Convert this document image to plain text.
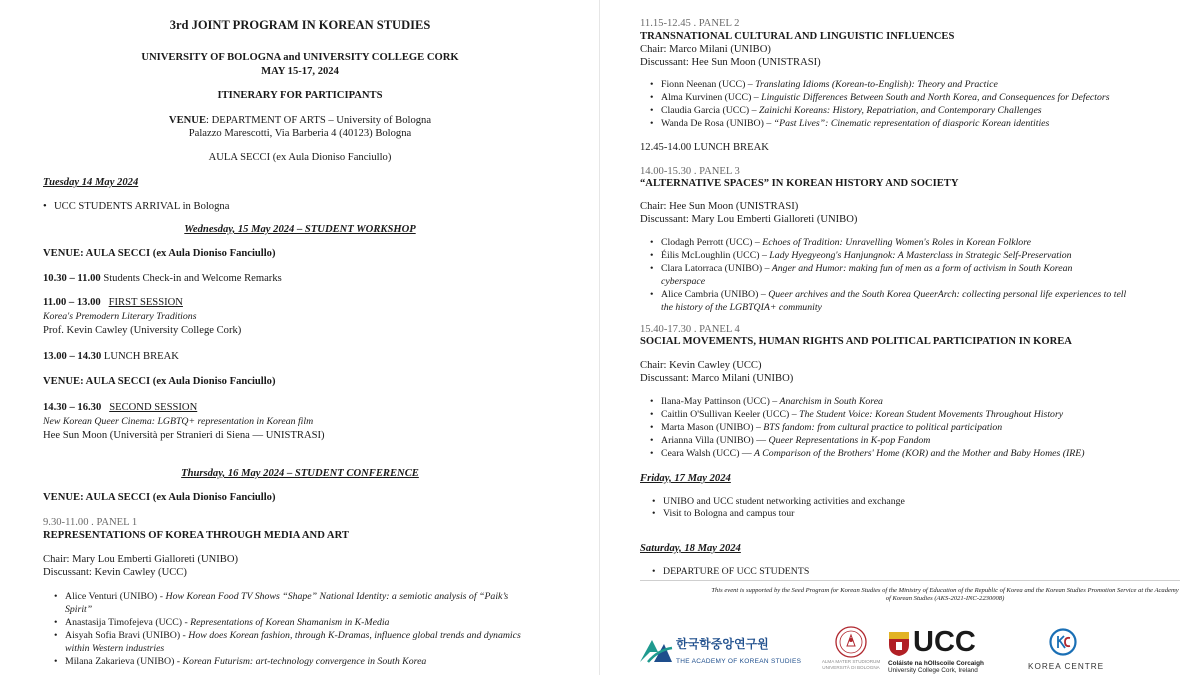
3rd JOINT PROGRAM IN KOREAN STUDIES
UNIVERSITY OF BOLOGNA and UNIVERSITY COLLEGE CORK
MAY 15-17, 2024
ITINERARY FOR PARTICIPANTS
VENUE: DEPARTMENT OF ARTS – University of Bologna
Palazzo Marescotti, Via Barberia 4 (40123) Bologna
AULA SECCI (ex Aula Dioniso Fanciullo)
Tuesday 14 May 2024
• UCC STUDENTS ARRIVAL in Bologna
Wednesday, 15 May 2024 – STUDENT WORKSHOP
VENUE: AULA SECCI (ex Aula Dioniso Fanciullo)
10.30 – 11.00 Students Check-in and Welcome Remarks
11.00 – 13.00 FIRST SESSION
Korea's Premodern Literary Traditions
Prof. Kevin Cawley (University College Cork)
13.00 – 14.30 LUNCH BREAK
VENUE: AULA SECCI (ex Aula Dioniso Fanciullo)
14.30 – 16.30 SECOND SESSION
New Korean Queer Cinema: LGBTQ+ representation in Korean film
Hee Sun Moon (Università per Stranieri di Siena — UNISTRASI)
Thursday, 16 May 2024 – STUDENT CONFERENCE
VENUE: AULA SECCI (ex Aula Dioniso Fanciullo)
9.30-11.00 . PANEL 1
REPRESENTATIONS OF KOREA THROUGH MEDIA AND ART
Chair: Mary Lou Emberti Gialloreti (UNIBO)
Discussant: Kevin Cawley (UCC)
• Alice Venturi (UNIBO) - How Korean Food TV Shows “Shape” National Identity: a semiotic analysis of “Paik’s
Spirit”
• Anastasija Timofejeva (UCC) - Representations of Korean Shamanism in K-Media
• Aisyah Sofia Bravi (UNIBO) - How does Korean fashion, through K-Dramas, influence global trends and dynamics
within Western industries
• Milana Zakarieva (UNIBO) - Korean Futurism: art-technology convergence in South Korea
11.15-12.45 . PANEL 2
TRANSNATIONAL CULTURAL AND LINGUISTIC INFLUENCES
Chair: Marco Milani (UNIBO)
Discussant: Hee Sun Moon (UNISTRASI)
• Fionn Neenan (UCC) – Translating Idioms (Korean-to-English): Theory and Practice
• Alma Kurvinen (UCC) – Linguistic Differences Between South and North Korea, and Consequences for Defectors
• Claudia Garcia (UCC) – Zainichi Koreans: History, Repatriation, and Contemporary Challenges
• Wanda De Rosa (UNIBO) – “Past Lives”: Cinematic representation of diasporic Korean identities
12.45-14.00 LUNCH BREAK
14.00-15.30 . PANEL 3
“ALTERNATIVE SPACES” IN KOREAN HISTORY AND SOCIETY
Chair: Hee Sun Moon (UNISTRASI)
Discussant: Mary Lou Emberti Gialloreti (UNIBO)
• Clodagh Perrott (UCC) – Echoes of Tradition: Unravelling Women's Roles in Korean Folklore
• Éilis McLoughlin (UCC) – Lady Hyegyeong's Hanjungnok: A Masterclass in Strategic Self-Preservation
• Clara Latorraca (UNIBO) – Anger and Humor: making fun of men as a form of activism in South Korean
cyberspace
• Alice Cambria (UNIBO) – Queer archives and the South Korea QueerArch: collecting personal life experiences to tell
the history of the LGBTQIA+ community
15.40-17.30 . PANEL 4
SOCIAL MOVEMENTS, HUMAN RIGHTS AND POLITICAL PARTICIPATION IN KOREA
Chair: Kevin Cawley (UCC)
Discussant: Marco Milani (UNIBO)
• Ilana-May Pattinson (UCC) – Anarchism in South Korea
• Caitlin O'Sullivan Keeler (UCC) – The Student Voice: Korean Student Movements Throughout History
• Marta Mason (UNIBO) – BTS fandom: from cultural practice to political participation
• Arianna Villa (UNIBO) — Queer Representations in K-pop Fandom
• Ceara Walsh (UCC) — A Comparison of the Brothers' Home (KOR) and the Mother and Baby Homes (IRE)
Friday, 17 May 2024
• UNIBO and UCC student networking activities and exchange
• Visit to Bologna and campus tour
Saturday, 18 May 2024
• DEPARTURE OF UCC STUDENTS
This event is supported by the Seed Program for Korean Studies of the Ministry of Education of the Republic of Korea and the Korean Studies Promotion Service at the Academy of Korean Studies (AKS-2021-INC-2230008)
한국학중앙연구원
THE ACADEMY OF KOREAN STUDIES	ALMA MATER STUDIORUM
UNIVERSITÀ DI BOLOGNA
UCC
Coláiste na hOllscoile Corcaigh
University College Cork, Ireland	KOREA CENTRE
